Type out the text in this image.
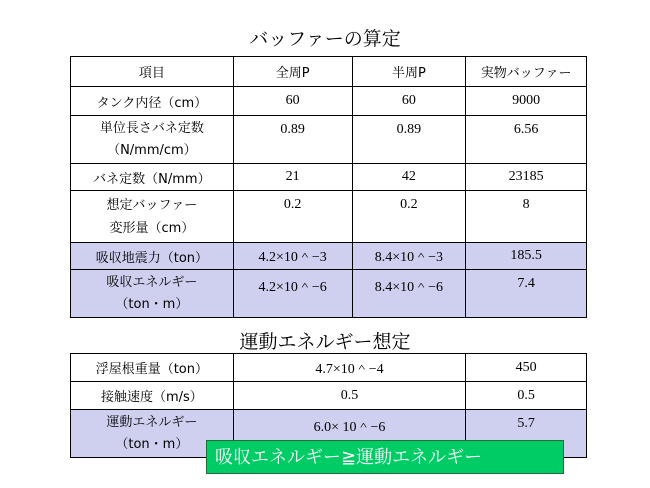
バッファーの算定
項目	全周P	半周P	実物バッファー
タンク内径（cm）	60	60	9000

単位長さバネ定数
（N/mm/cm）	0.89	0.89	6.56
バネ定数（N/mm）	21	42	23185

想定バッファー
変形量（cm）	0.2	0.2	8
吸収地震力（ton）	4.2×10＾−3	8.4×10＾−3	185.5

吸収エネルギー
（ton・m）	4.2×10＾−6	8.4×10＾−6	7.4
運動エネルギー想定
浮屋根重量（ton）	4.7×10＾−4	450
接触速度（m/s）	0.5	0.5

運動エネルギー
（ton・m）	6.0× 10＾−6	5.7
吸収エネルギー≧運動エネルギー
